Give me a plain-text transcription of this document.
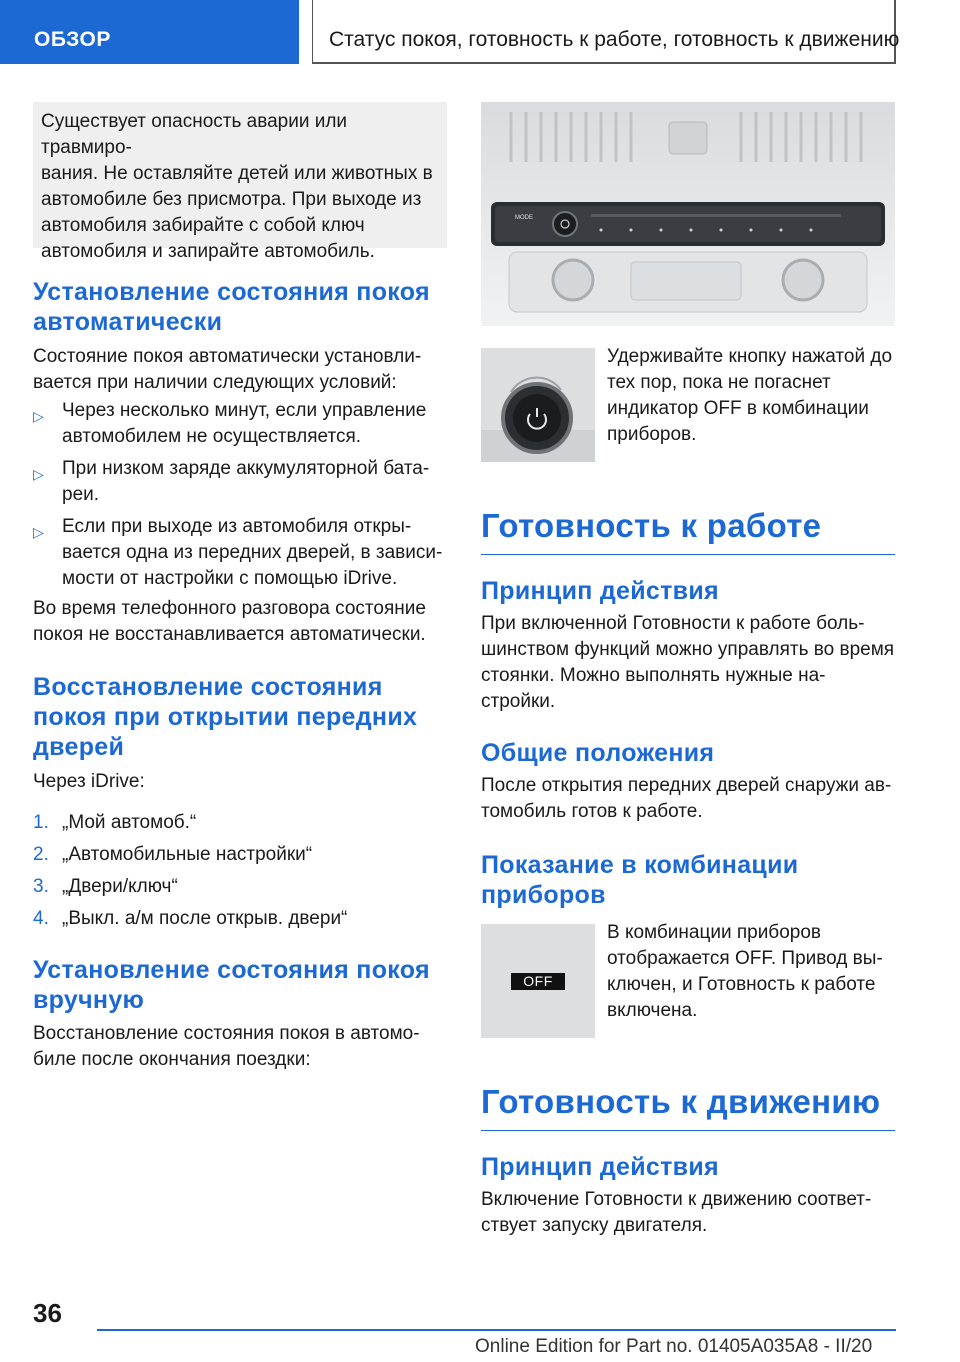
ОБЗОР	Статус покоя, готовность к работе, готовность к движению
Существует опасность аварии или травмиро-
вания. Не оставляйте детей или животных в
автомобиле без присмотра. При выходе из
автомобиля забирайте с собой ключ
автомобиля и запирайте автомобиль.
Установление состояния покоя
автоматически
Состояние покоя автоматически установли-
вается при наличии следующих условий:
▷ Через несколько минут, если управление
автомобилем не осуществляется.
▷ При низком заряде аккумуляторной бата-
реи.
▷ Если при выходе из автомобиля откры-
вается одна из передних дверей, в зависи-
мости от настройки с помощью iDrive.
Во время телефонного разговора состояние
покоя не восстанавливается автоматически.
Восстановление состояния
покоя при открытии передних
дверей
Через iDrive:
1. „Мой автомоб.“
2. „Автомобильные настройки“
3. „Двери/ключ“
4. „Выкл. а/м после открыв. двери“
Установление состояния покоя
вручную
Восстановление состояния покоя в автомо-
биле после окончания поездки:
MODE
Удерживайте кнопку нажатой до
тех пор, пока не погаснет
индикатор OFF в комбинации
приборов.
Готовность к работе
Принцип действия
При включенной Готовности к работе боль-
шинством функций можно управлять во время
стоянки. Можно выполнять нужные на-
стройки.
Общие положения
После открытия передних дверей снаружи ав-
томобиль готов к работе.
Показание в комбинации
приборов
OFF
В комбинации приборов
отображается OFF. Привод вы-
ключен, и Готовность к работе
включена.
Готовность к движению
Принцип действия
Включение Готовности к движению соответ-
ствует запуску двигателя.
36
Online Edition for Part no. 01405A035A8 - II/20
